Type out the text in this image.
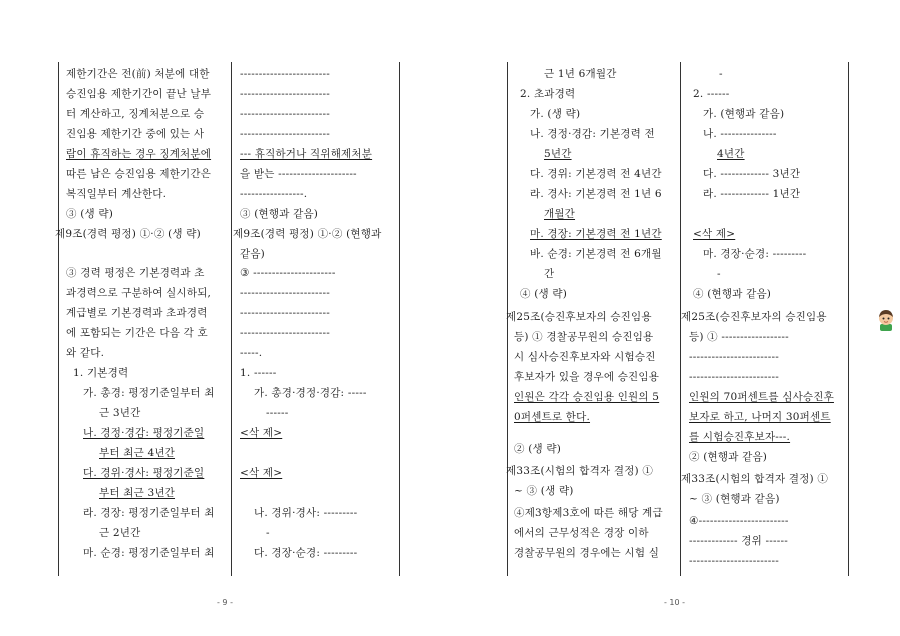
제한기간은 전(前) 처분에 대한
승진임용 제한기간이 끝난 날부
터 계산하고, 징계처분으로 승
진임용 제한기간 중에 있는 사
람이 휴직하는 경우 징계처분에
따른 남은 승진임용 제한기간은
복직일부터 계산한다.
③ (생 략)
제9조(경력 평정) ①·② (생 략)
③ 경력 평정은 기본경력과 초
과경력으로 구분하여 실시하되,
계급별로 기본경력과 초과경력
에 포함되는 기간은 다음 각 호
와 같다.
1. 기본경력
가. 총경: 평정기준일부터 최
근 3년간
나. 경정·경감: 평정기준일
부터 최근 4년간
다. 경위·경사: 평정기준일
부터 최근 3년간
라. 경장: 평정기준일부터 최
근 2년간
마. 순경: 평정기준일부터 최
------------------------
------------------------
------------------------
------------------------
--- 휴직하거나 직위해제처분
을 받는 ---------------------
-----------------.
③ (현행과 같음)
제9조(경력 평정) ①·② (현행과
같음)
③ ----------------------
------------------------
------------------------
------------------------
-----.
1. ------
가. 총경·경정·경감: -----
------
<삭 제>
<삭 제>
나. 경위·경사: ---------
-
다. 경장·순경: ---------
- 9 -
근 1년 6개월간
2. 초과경력
가. (생 략)
나. 경정·경감: 기본경력 전
5년간
다. 경위: 기본경력 전 4년간
라. 경사: 기본경력 전 1년 6
개월간
마. 경장: 기본경력 전 1년간
바. 순경: 기본경력 전 6개월
간
④ (생 략)
제25조(승진후보자의 승진임용
등) ① 경찰공무원의 승진임용
시 심사승진후보자와 시험승진
후보자가 있을 경우에 승진임용
인원은 각각 승진임용 인원의 5
0퍼센트로 한다.
② (생 략)
제33조(시험의 합격자 결정) ①
~ ③ (생 략)
④제3항제3호에 따른 해당 계급
에서의 근무성적은 경장 이하
경찰공무원의 경우에는 시험 실
-
2. ------
가. (현행과 같음)
나. ---------------
4년간
다. ------------- 3년간
라. ------------- 1년간
<삭 제>
마. 경장·순경: ---------
-
④ (현행과 같음)
제25조(승진후보자의 승진임용
등) ① ------------------
------------------------
------------------------
인원의 70퍼센트를 심사승진후
보자로 하고, 나머지 30퍼센트
를 시험승진후보자---.
② (현행과 같음)
제33조(시험의 합격자 결정) ①
~ ③ (현행과 같음)
④------------------------
------------- 경위 ------
------------------------
- 10 -
